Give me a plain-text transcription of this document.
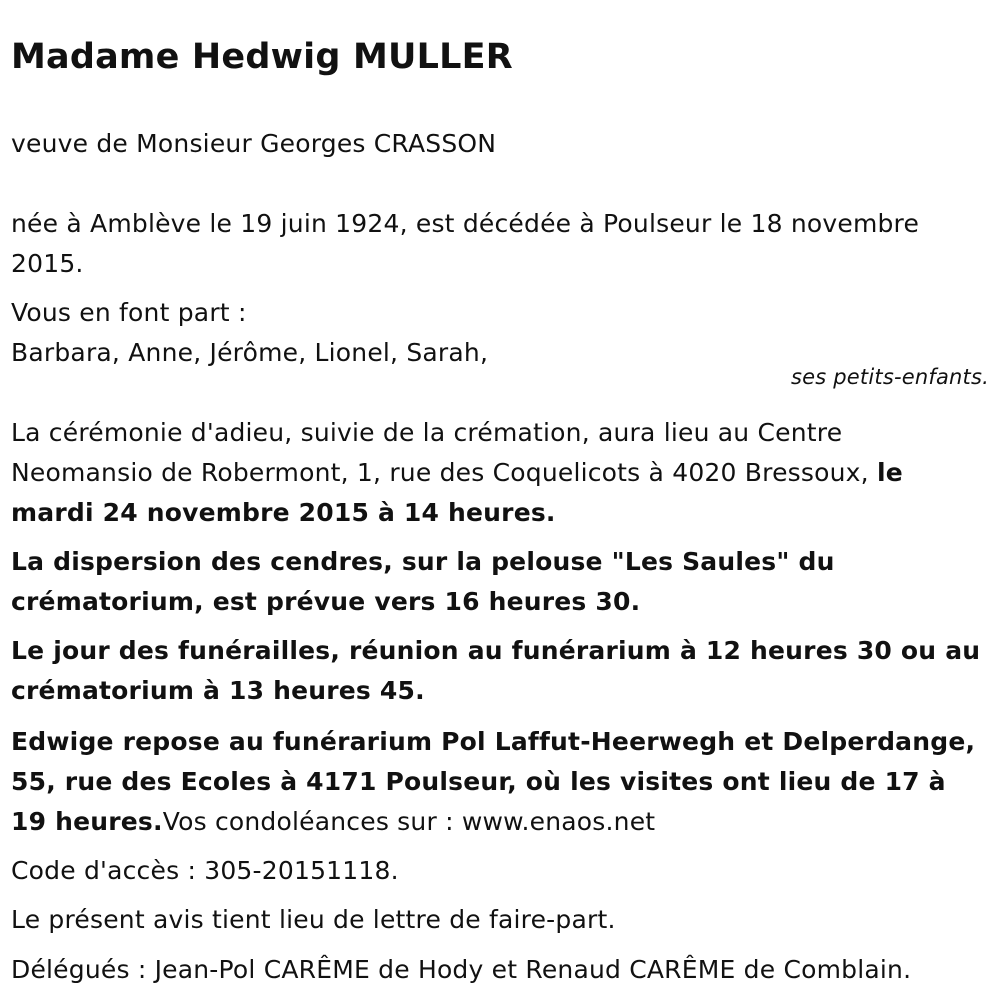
Madame Hedwig MULLER

veuve de Monsieur Georges CRASSON

née à Amblève le 19 juin 1924, est décédée à Poulseur le 18 novembre 2015.

Vous en font part :

Barbara, Anne, Jérôme, Lionel, Sarah,

ses petits-enfants.

La cérémonie d'adieu, suivie de la crémation, aura lieu au Centre Neomansio de Robermont, 1, rue des Coquelicots à 4020 Bressoux, le mardi 24 novembre 2015 à 14 heures.

La dispersion des cendres, sur la pelouse "Les Saules" du crématorium, est prévue vers 16 heures 30.

Le jour des funérailles, réunion au funérarium à 12 heures 30 ou au crématorium à 13 heures 45.

Edwige repose au funérarium Pol Laffut-Heerwegh et Delperdange, 55, rue des Ecoles à 4171 Poulseur, où les visites ont lieu de 17 à 19 heures.Vos condoléances sur : www.enaos.net

Code d'accès : 305-20151118.

Le présent avis tient lieu de lettre de faire-part.

Délégués : Jean-Pol CARÊME de Hody et Renaud CARÊME de Comblain.
